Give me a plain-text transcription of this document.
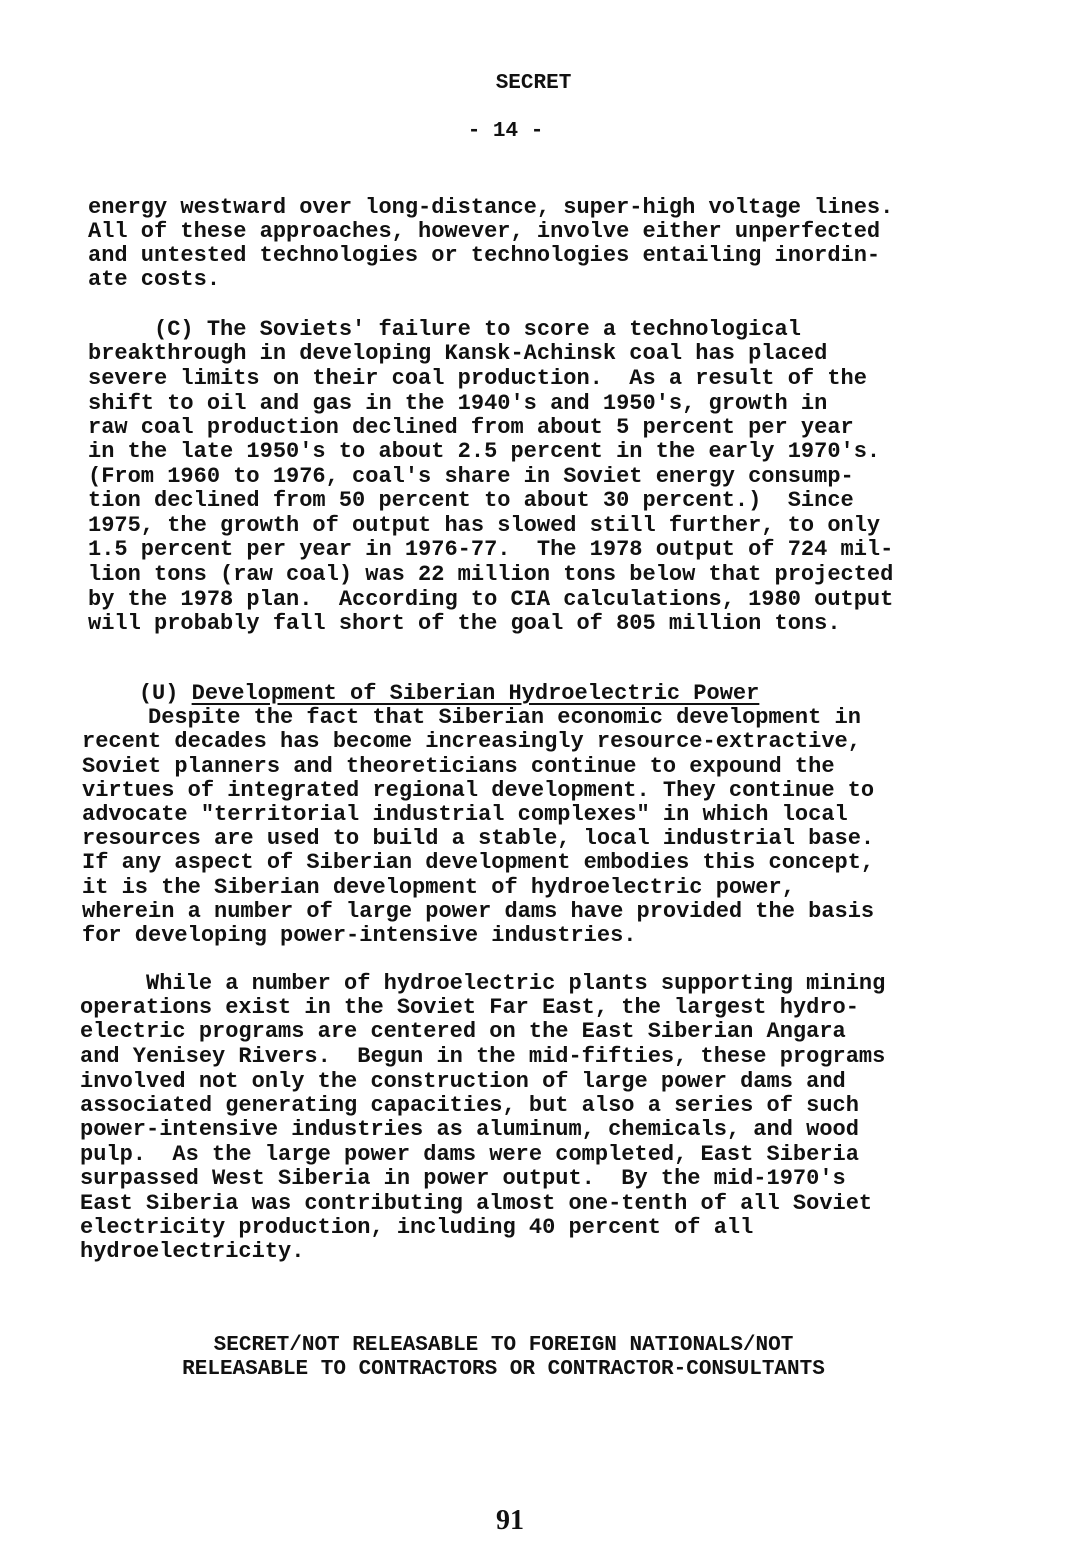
SECRET
- 14 -
energy westward over long-distance, super-high voltage lines.
All of these approaches, however, involve either unperfected
and untested technologies or technologies entailing inordin-
ate costs.
(C) The Soviets' failure to score a technological
breakthrough in developing Kansk-Achinsk coal has placed
severe limits on their coal production.  As a result of the
shift to oil and gas in the 1940's and 1950's, growth in
raw coal production declined from about 5 percent per year
in the late 1950's to about 2.5 percent in the early 1970's.
(From 1960 to 1976, coal's share in Soviet energy consump-
tion declined from 50 percent to about 30 percent.)  Since
1975, the growth of output has slowed still further, to only
1.5 percent per year in 1976-77.  The 1978 output of 724 mil-
lion tons (raw coal) was 22 million tons below that projected
by the 1978 plan.  According to CIA calculations, 1980 output
will probably fall short of the goal of 805 million tons.

(U) Development of Siberian Hydroelectric Power

Despite the fact that Siberian economic development in
recent decades has become increasingly resource-extractive,
Soviet planners and theoreticians continue to expound the
virtues of integrated regional development. They continue to
advocate "territorial industrial complexes" in which local
resources are used to build a stable, local industrial base.
If any aspect of Siberian development embodies this concept,
it is the Siberian development of hydroelectric power,
wherein a number of large power dams have provided the basis
for developing power-intensive industries.
While a number of hydroelectric plants supporting mining
operations exist in the Soviet Far East, the largest hydro-
electric programs are centered on the East Siberian Angara
and Yenisey Rivers.  Begun in the mid-fifties, these programs
involved not only the construction of large power dams and
associated generating capacities, but also a series of such
power-intensive industries as aluminum, chemicals, and wood
pulp.  As the large power dams were completed, East Siberia
surpassed West Siberia in power output.  By the mid-1970's
East Siberia was contributing almost one-tenth of all Soviet
electricity production, including 40 percent of all
hydroelectricity.
SECRET/NOT RELEASABLE TO FOREIGN NATIONALS/NOT
RELEASABLE TO CONTRACTORS OR CONTRACTOR-CONSULTANTS
91
